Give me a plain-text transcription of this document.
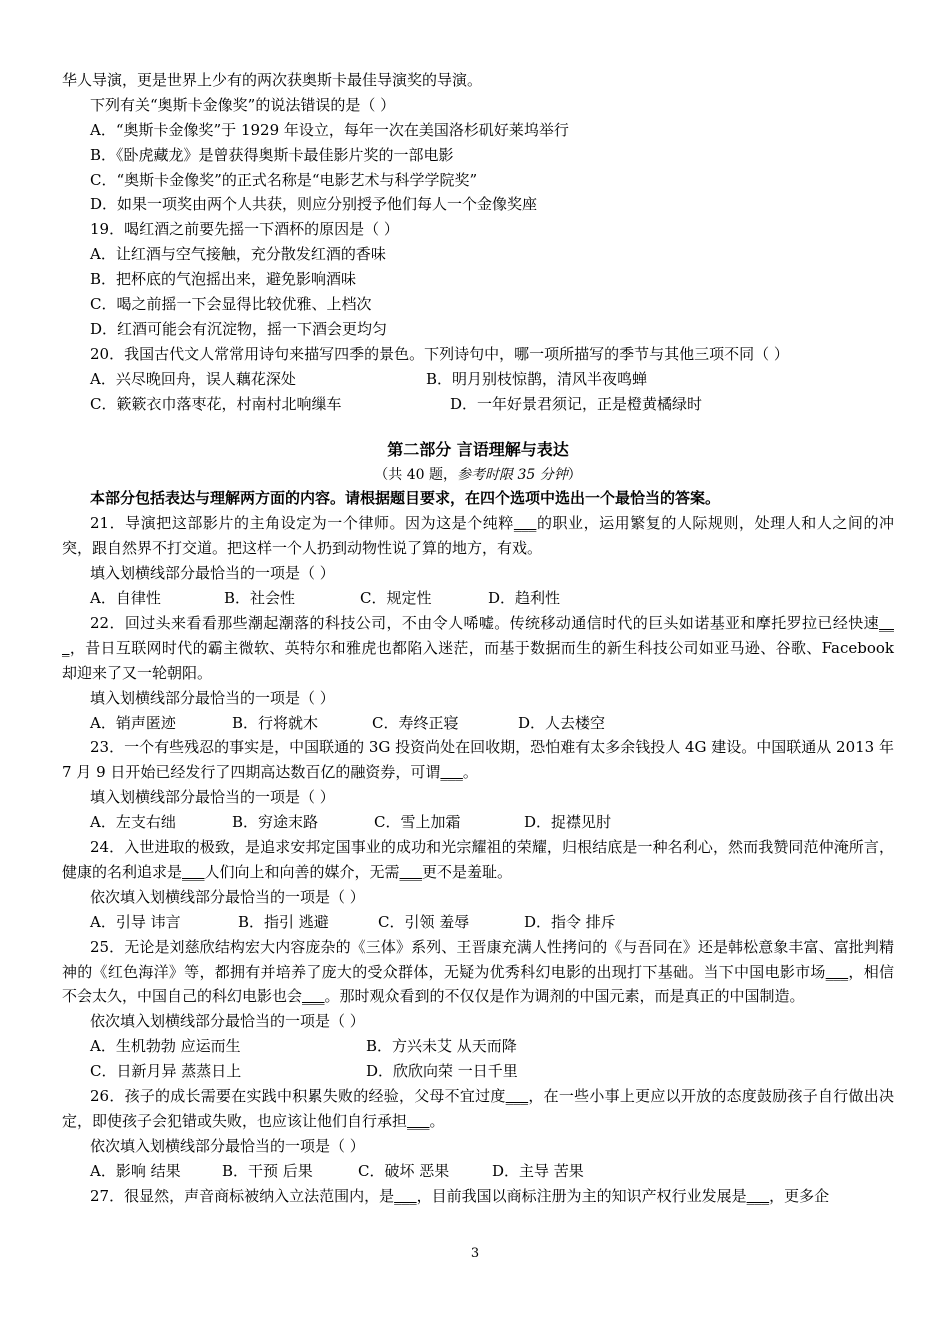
华人导演，更是世界上少有的两次获奥斯卡最佳导演奖的导演。
下列有关“奥斯卡金像奖”的说法错误的是（ ）
A．“奥斯卡金像奖”于 1929 年设立，每年一次在美国洛杉矶好莱坞举行
B．《卧虎藏龙》是曾获得奥斯卡最佳影片奖的一部电影
C．“奥斯卡金像奖”的正式名称是“电影艺术与科学学院奖”
D．如果一项奖由两个人共获，则应分别授予他们每人一个金像奖座
19．喝红酒之前要先摇一下酒杯的原因是（ ）
A．让红酒与空气接触，充分散发红酒的香味
B．把杯底的气泡摇出来，避免影响酒味
C．喝之前摇一下会显得比较优雅、上档次
D．红酒可能会有沉淀物，摇一下酒会更均匀
20．我国古代文人常常用诗句来描写四季的景色。下列诗句中，哪一项所描写的季节与其他三项不同（ ）
A．兴尽晚回舟，误人藕花深处	B．明月别枝惊鹊，清风半夜鸣蝉
C．簌簌衣巾落枣花，村南村北响缫车	D．一年好景君须记，正是橙黄橘绿时
第二部分 言语理解与表达
（共 40 题，参考时限 35 分钟）
本部分包括表达与理解两方面的内容。请根据题目要求，在四个选项中选出一个最恰当的答案。
21．导演把这部影片的主角设定为一个律师。因为这是个纯粹___的职业，运用繁复的人际规则，处理人和人之间的冲突，跟自然界不打交道。把这样一个人扔到动物性说了算的地方，有戏。
填入划横线部分最恰当的一项是（ ）
A．自律性	B．社会性	C．规定性	D．趋利性
22．回过头来看看那些潮起潮落的科技公司，不由令人唏嘘。传统移动通信时代的巨头如诺基亚和摩托罗拉已经快速___，昔日互联网时代的霸主微软、英特尔和雅虎也都陷入迷茫，而基于数据而生的新生科技公司如亚马逊、谷歌、Facebook 却迎来了又一轮朝阳。
填入划横线部分最恰当的一项是（ ）
A．销声匿迹	B．行将就木	C．寿终正寝	D．人去楼空
23．一个有些残忍的事实是，中国联通的 3G 投资尚处在回收期，恐怕难有太多余钱投人 4G 建设。中国联通从 2013 年 7 月 9 日开始已经发行了四期高达数百亿的融资券，可谓___。
填入划横线部分最恰当的一项是（ ）
A．左支右绌	B．穷途末路	C．雪上加霜	D．捉襟见肘
24．入世进取的极致，是追求安邦定国事业的成功和光宗耀祖的荣耀，归根结底是一种名利心，然而我赞同范仲淹所言，健康的名利追求是___人们向上和向善的媒介，无需___更不是羞耻。
依次填入划横线部分最恰当的一项是（ ）
A．引导 讳言	B．指引 逃避	C．引领 羞辱	D．指令 排斥
25．无论是刘慈欣结构宏大内容庞杂的《三体》系列、王晋康充满人性拷问的《与吾同在》还是韩松意象丰富、富批判精神的《红色海洋》等，都拥有并培养了庞大的受众群体，无疑为优秀科幻电影的出现打下基础。当下中国电影市场___，相信不会太久，中国自己的科幻电影也会___。那时观众看到的不仅仅是作为调剂的中国元素，而是真正的中国制造。
依次填入划横线部分最恰当的一项是（ ）
A．生机勃勃 应运而生	B．方兴未艾 从天而降
C．日新月异 蒸蒸日上	D．欣欣向荣 一日千里
26．孩子的成长需要在实践中积累失败的经验，父母不宜过度___，在一些小事上更应以开放的态度鼓励孩子自行做出决定，即使孩子会犯错或失败，也应该让他们自行承担___。
依次填入划横线部分最恰当的一项是（ ）
A．影响 结果	B．干预 后果	C．破坏 恶果	D．主导 苦果
27．很显然，声音商标被纳入立法范围内，是___，目前我国以商标注册为主的知识产权行业发展是___，更多企
3
